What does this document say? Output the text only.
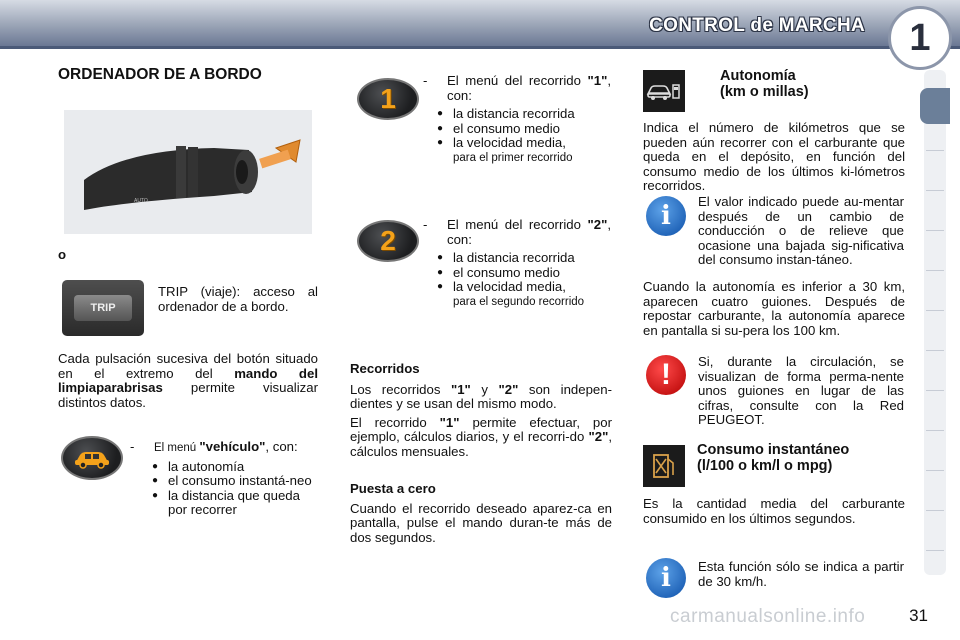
CONTROL de MARCHA	1
ORDENADOR DE A BORDO
AUTO
o
TRIP
TRIP (viaje): acceso al ordenador de a bordo.
Cada pulsación sucesiva del botón situado en el extremo del mando del limpiaparabrisas permite visualizar distintos datos.
- El menú "vehículo", con:
● la autonomía
● el consumo instantá-neo
● la distancia que queda por recorrer
1
- El menú del recorrido "1", con:
● la distancia recorrida
● el consumo medio
● la velocidad media,
para el primer recorrido
2
- El menú del recorrido "2", con:
● la distancia recorrida
● el consumo medio
● la velocidad media,
para el segundo recorrido
Recorridos
Los recorridos "1" y "2" son indepen-dientes y se usan del mismo modo.
El recorrido "1" permite efectuar, por ejemplo, cálculos diarios, y el recorri-do "2", cálculos mensuales.
Puesta a cero
Cuando el recorrido deseado aparez-ca en pantalla, pulse el mando duran-te más de dos segundos.
Autonomía
(km o millas)
Indica el número de kilómetros que se pueden aún recorrer con el carburante que queda en el depósito, en función del consumo medio de los últimos ki-lómetros recorridos.
i	El valor indicado puede au-mentar después de un cambio de conducción o de relieve que ocasione una bajada sig-nificativa del consumo instan-táneo.
Cuando la autonomía es inferior a 30 km, aparecen cuatro guiones. Después de repostar carburante, la autonomía aparece en pantalla si su-pera los 100 km.
!	Si, durante la circulación, se visualizan de forma perma-nente unos guiones en lugar de las cifras, consulte con la Red PEUGEOT.
Consumo instantáneo
(l/100 o km/l o mpg)
Es la cantidad media del carburante consumido en los últimos segundos.
i	Esta función sólo se indica a partir de 30 km/h.
carmanualsonline.info	31
